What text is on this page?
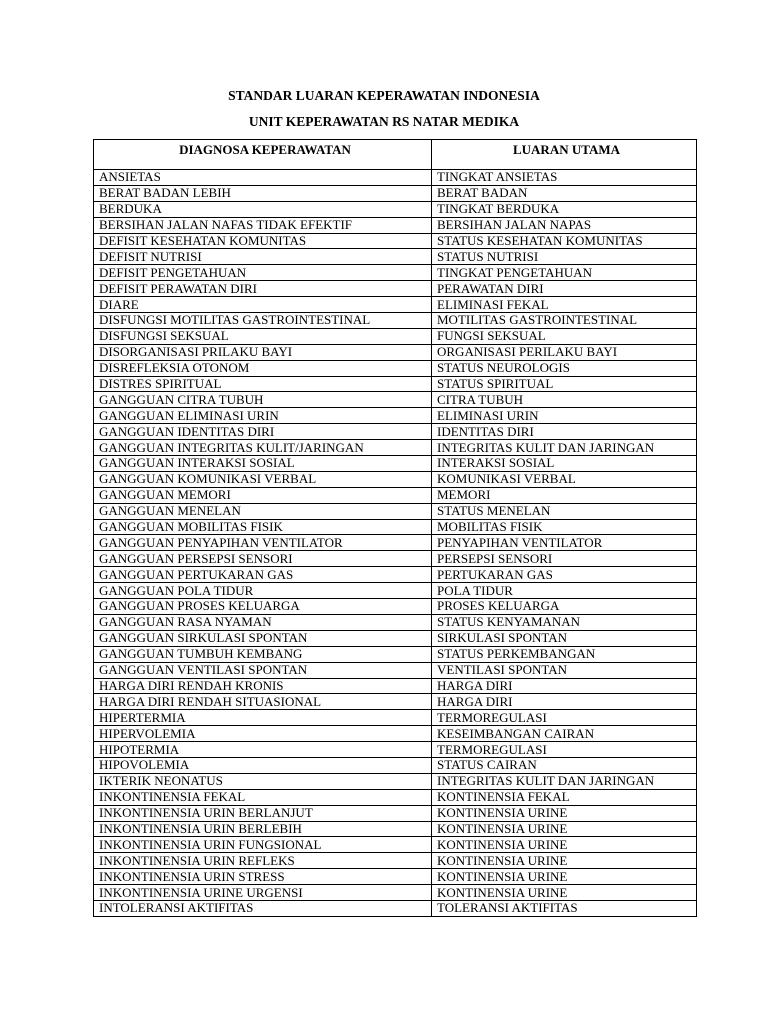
STANDAR LUARAN KEPERAWATAN INDONESIA
UNIT KEPERAWATAN RS NATAR MEDIKA
DIAGNOSA KEPERAWATAN	LUARAN UTAMA
ANSIETAS	TINGKAT ANSIETAS
BERAT BADAN LEBIH	BERAT BADAN
BERDUKA	TINGKAT BERDUKA
BERSIHAN JALAN NAFAS TIDAK EFEKTIF	BERSIHAN JALAN NAPAS
DEFISIT KESEHATAN KOMUNITAS	STATUS KESEHATAN KOMUNITAS
DEFISIT NUTRISI	STATUS NUTRISI
DEFISIT PENGETAHUAN	TINGKAT PENGETAHUAN
DEFISIT PERAWATAN DIRI	PERAWATAN DIRI
DIARE	ELIMINASI FEKAL
DISFUNGSI MOTILITAS GASTROINTESTINAL	MOTILITAS GASTROINTESTINAL
DISFUNGSI SEKSUAL	FUNGSI SEKSUAL
DISORGANISASI PRILAKU BAYI	ORGANISASI PERILAKU BAYI
DISREFLEKSIA OTONOM	STATUS NEUROLOGIS
DISTRES SPIRITUAL	STATUS SPIRITUAL
GANGGUAN CITRA TUBUH	CITRA TUBUH
GANGGUAN ELIMINASI URIN	ELIMINASI URIN
GANGGUAN IDENTITAS DIRI	IDENTITAS DIRI
GANGGUAN INTEGRITAS KULIT/JARINGAN	INTEGRITAS KULIT DAN JARINGAN
GANGGUAN INTERAKSI SOSIAL	INTERAKSI SOSIAL
GANGGUAN KOMUNIKASI VERBAL	KOMUNIKASI VERBAL
GANGGUAN MEMORI	MEMORI
GANGGUAN MENELAN	STATUS MENELAN
GANGGUAN MOBILITAS FISIK	MOBILITAS FISIK
GANGGUAN PENYAPIHAN VENTILATOR	PENYAPIHAN VENTILATOR
GANGGUAN PERSEPSI SENSORI	PERSEPSI SENSORI
GANGGUAN PERTUKARAN GAS	PERTUKARAN GAS
GANGGUAN POLA TIDUR	POLA TIDUR
GANGGUAN PROSES KELUARGA	PROSES KELUARGA
GANGGUAN RASA NYAMAN	STATUS KENYAMANAN
GANGGUAN SIRKULASI SPONTAN	SIRKULASI SPONTAN
GANGGUAN TUMBUH KEMBANG	STATUS PERKEMBANGAN
GANGGUAN VENTILASI SPONTAN	VENTILASI SPONTAN
HARGA DIRI RENDAH KRONIS	HARGA DIRI
HARGA DIRI RENDAH SITUASIONAL	HARGA DIRI
HIPERTERMIA	TERMOREGULASI
HIPERVOLEMIA	KESEIMBANGAN CAIRAN
HIPOTERMIA	TERMOREGULASI
HIPOVOLEMIA	STATUS CAIRAN
IKTERIK NEONATUS	INTEGRITAS KULIT DAN JARINGAN
INKONTINENSIA FEKAL	KONTINENSIA FEKAL
INKONTINENSIA URIN BERLANJUT	KONTINENSIA URINE
INKONTINENSIA URIN BERLEBIH	KONTINENSIA URINE
INKONTINENSIA URIN FUNGSIONAL	KONTINENSIA URINE
INKONTINENSIA URIN REFLEKS	KONTINENSIA URINE
INKONTINENSIA URIN STRESS	KONTINENSIA URINE
INKONTINENSIA URINE URGENSI	KONTINENSIA URINE
INTOLERANSI AKTIFITAS	TOLERANSI AKTIFITAS
